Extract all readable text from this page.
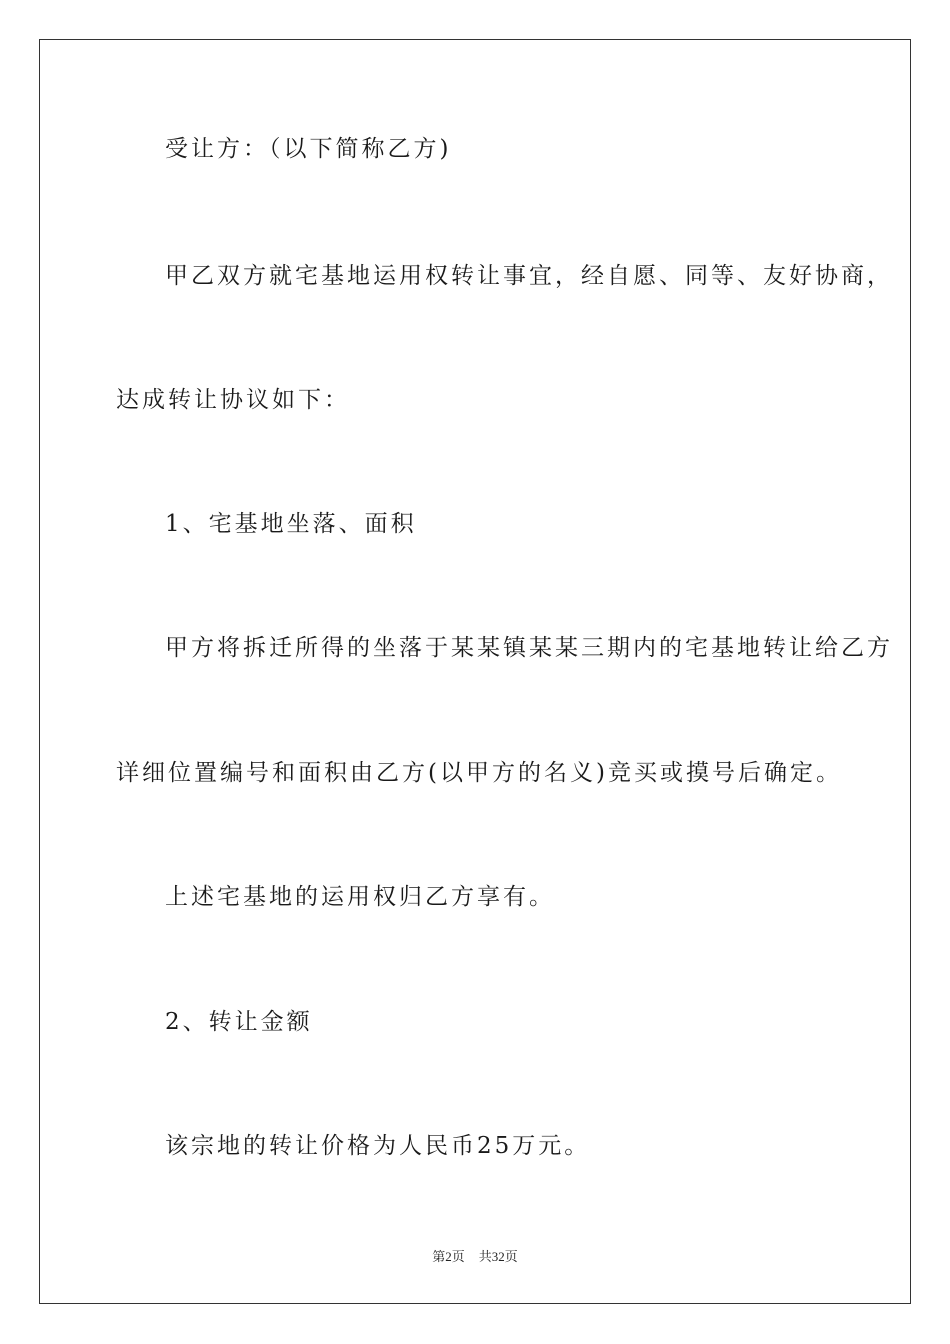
受让方：（以下简称乙方)
甲乙双方就宅基地运用权转让事宜，经自愿、同等、友好协商，
达成转让协议如下：
1、宅基地坐落、面积
甲方将拆迁所得的坐落于某某镇某某三期内的宅基地转让给乙方
详细位置编号和面积由乙方(以甲方的名义)竞买或摸号后确定。
上述宅基地的运用权归乙方享有。
2、转让金额
该宗地的转让价格为人民币25万元。
第2页 共32页
